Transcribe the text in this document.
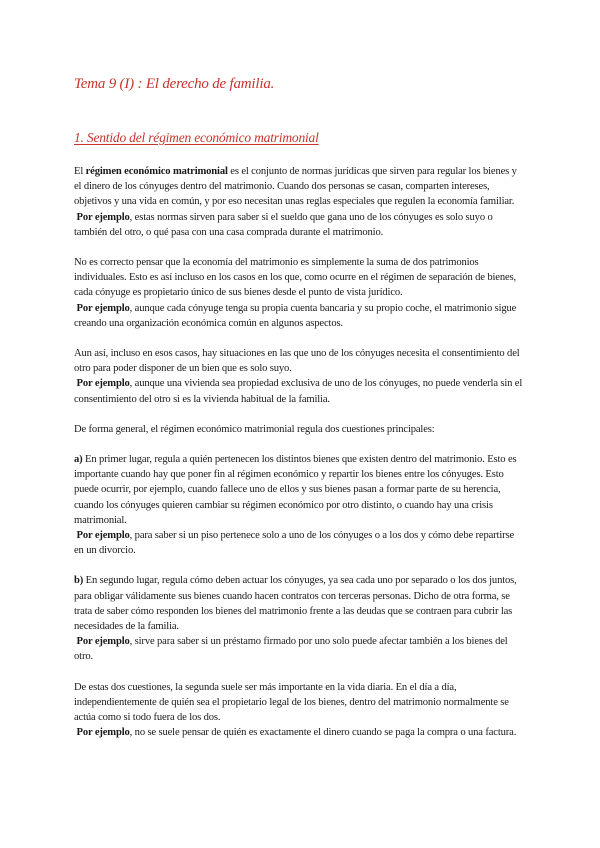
Tema 9 (I) : El derecho de familia.
1. Sentido del régimen económico matrimonial

El régimen económico matrimonial es el conjunto de normas jurídicas que sirven para regular los bienes y el dinero de los cónyuges dentro del matrimonio. Cuando dos personas se casan, comparten intereses, objetivos y una vida en común, y por eso necesitan unas reglas especiales que regulen la economía familiar.
Por ejemplo, estas normas sirven para saber si el sueldo que gana uno de los cónyuges es solo suyo o también del otro, o qué pasa con una casa comprada durante el matrimonio.

No es correcto pensar que la economía del matrimonio es simplemente la suma de dos patrimonios individuales. Esto es así incluso en los casos en los que, como ocurre en el régimen de separación de bienes, cada cónyuge es propietario único de sus bienes desde el punto de vista jurídico.
Por ejemplo, aunque cada cónyuge tenga su propia cuenta bancaria y su propio coche, el matrimonio sigue creando una organización económica común en algunos aspectos.

Aun así, incluso en esos casos, hay situaciones en las que uno de los cónyuges necesita el consentimiento del otro para poder disponer de un bien que es solo suyo.
Por ejemplo, aunque una vivienda sea propiedad exclusiva de uno de los cónyuges, no puede venderla sin el consentimiento del otro si es la vivienda habitual de la familia.

De forma general, el régimen económico matrimonial regula dos cuestiones principales:

a) En primer lugar, regula a quién pertenecen los distintos bienes que existen dentro del matrimonio. Esto es importante cuando hay que poner fin al régimen económico y repartir los bienes entre los cónyuges. Esto puede ocurrir, por ejemplo, cuando fallece uno de ellos y sus bienes pasan a formar parte de su herencia, cuando los cónyuges quieren cambiar su régimen económico por otro distinto, o cuando hay una crisis matrimonial.
Por ejemplo, para saber si un piso pertenece solo a uno de los cónyuges o a los dos y cómo debe repartirse en un divorcio.

b) En segundo lugar, regula cómo deben actuar los cónyuges, ya sea cada uno por separado o los dos juntos, para obligar válidamente sus bienes cuando hacen contratos con terceras personas. Dicho de otra forma, se trata de saber cómo responden los bienes del matrimonio frente a las deudas que se contraen para cubrir las necesidades de la familia.
Por ejemplo, sirve para saber si un préstamo firmado por uno solo puede afectar también a los bienes del otro.

De estas dos cuestiones, la segunda suele ser más importante en la vida diaria. En el día a día, independientemente de quién sea el propietario legal de los bienes, dentro del matrimonio normalmente se actúa como si todo fuera de los dos.
Por ejemplo, no se suele pensar de quién es exactamente el dinero cuando se paga la compra o una factura.
